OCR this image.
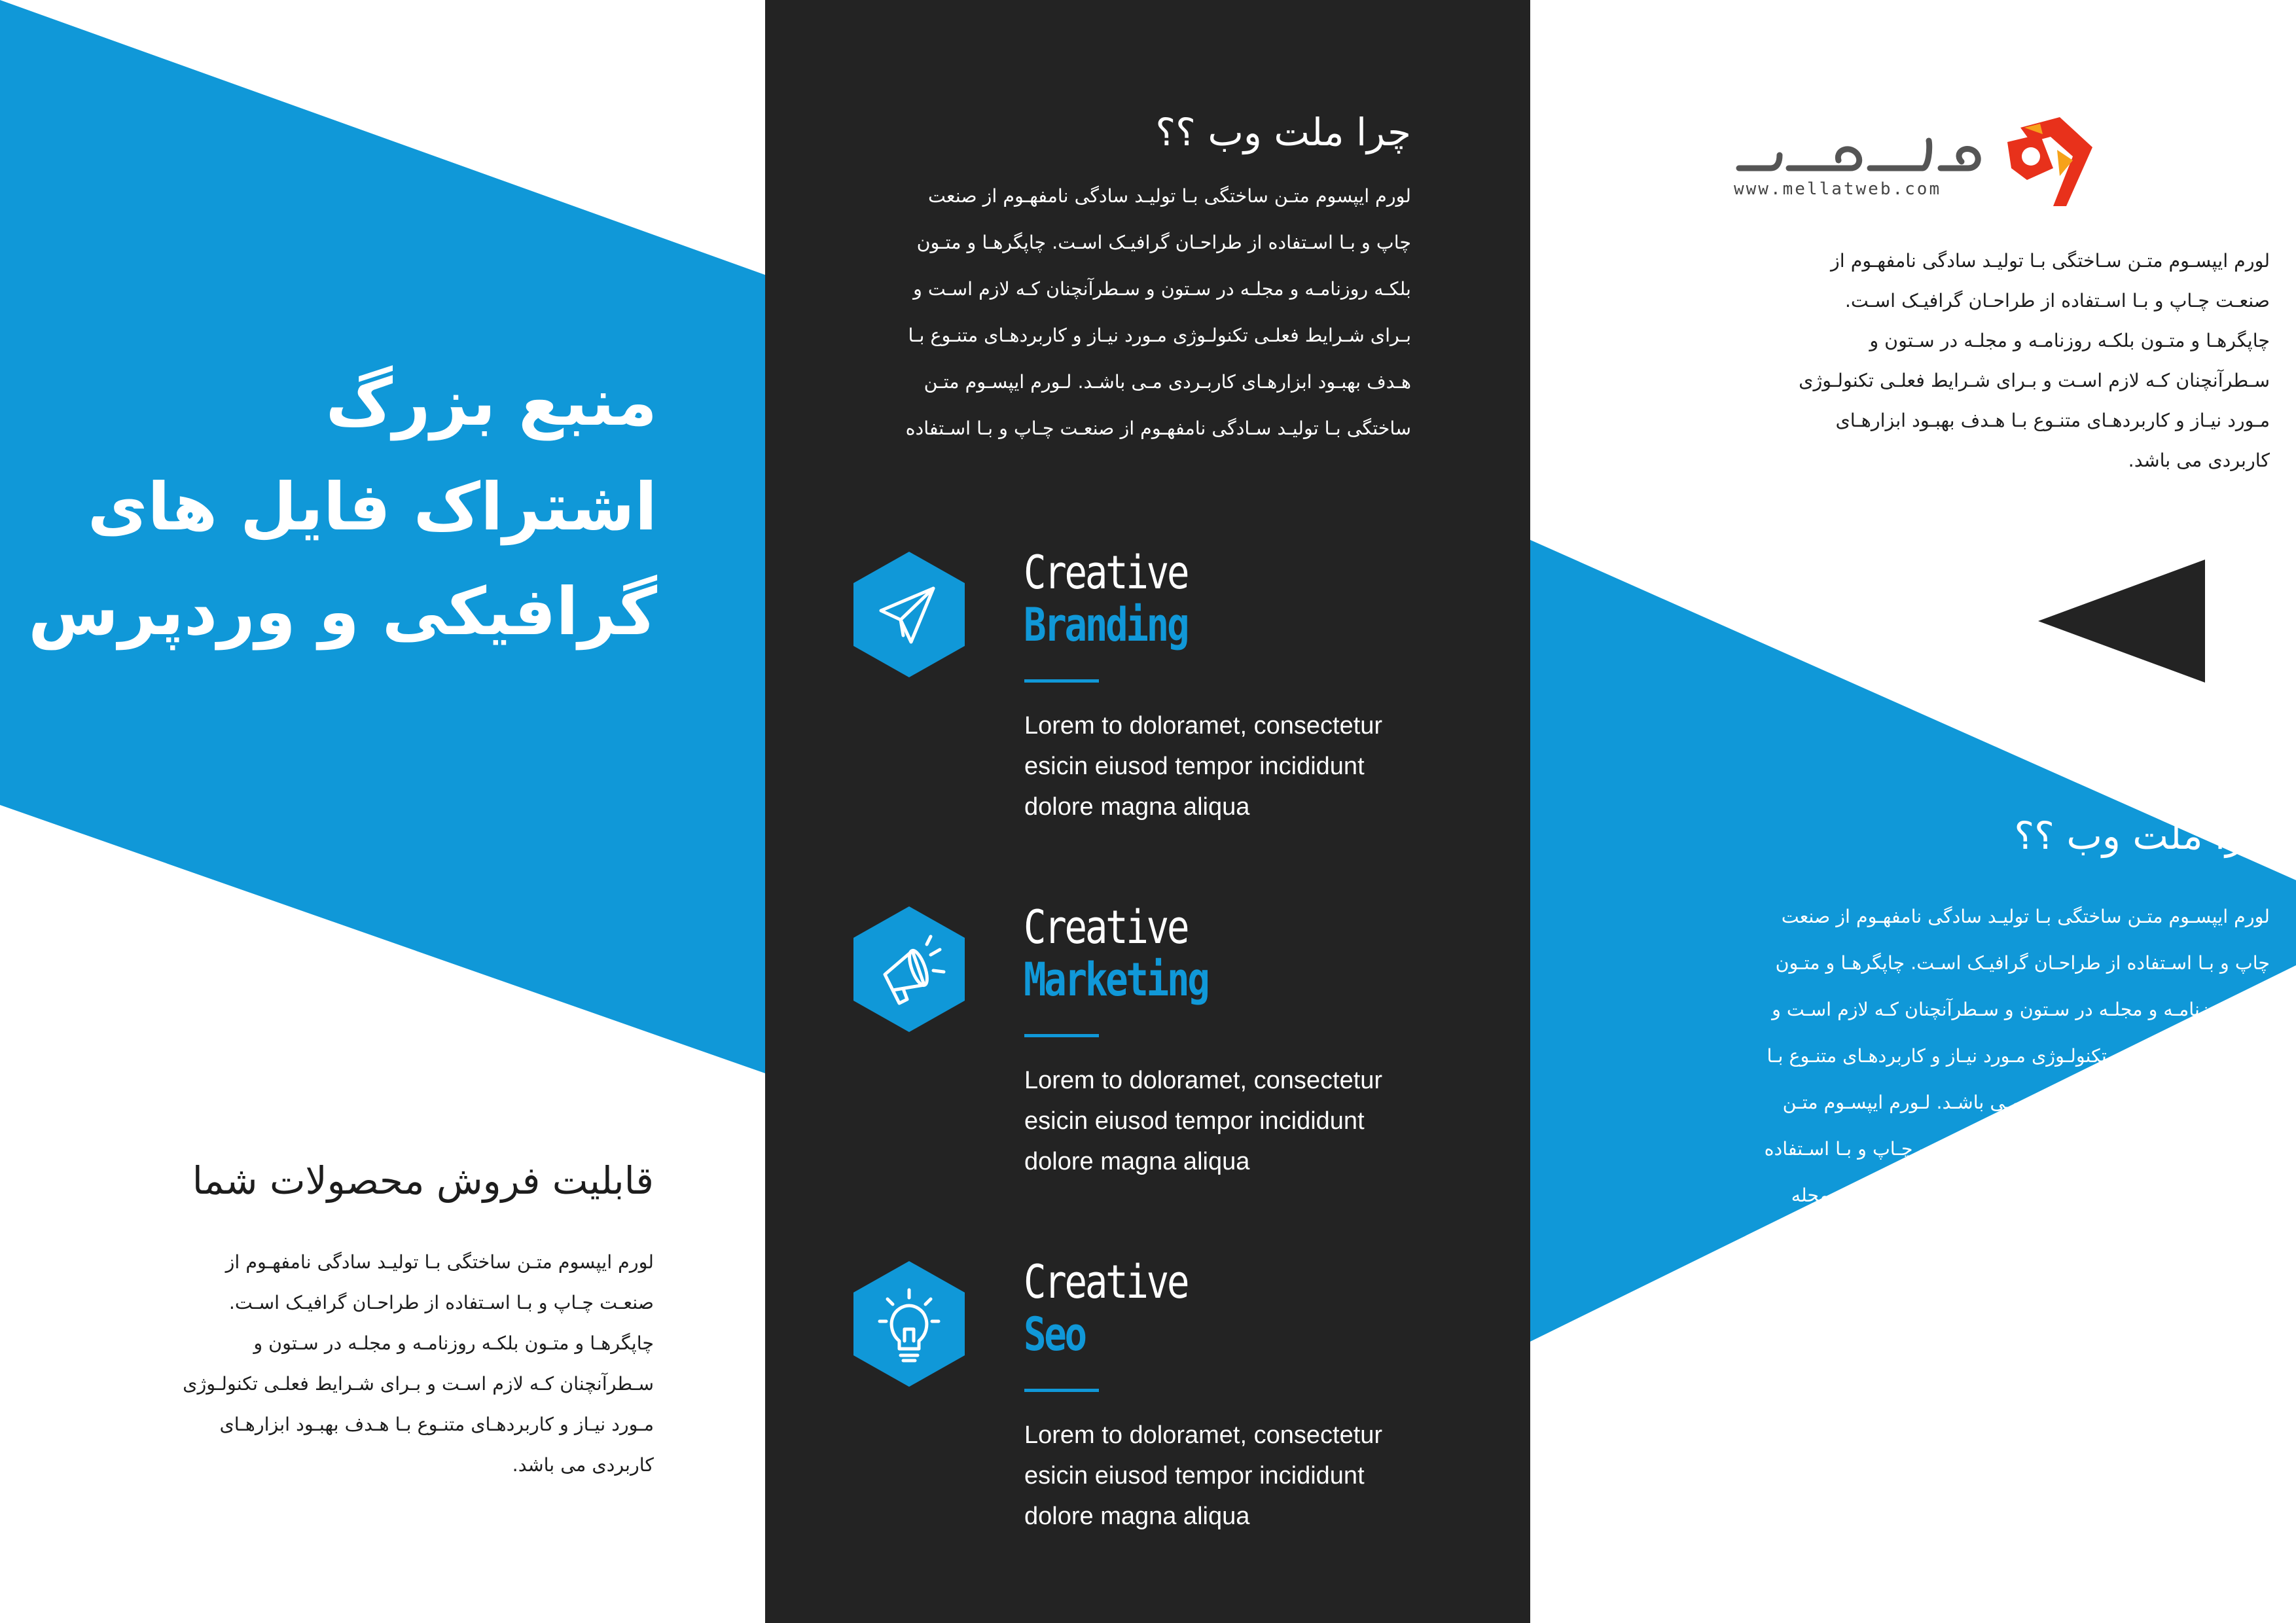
منبع بزرگ
اشتراک فایل های
گرافیکی و وردپرس
قابلیت فروش محصولات شما
لورم ایپسوم متـن ساختگی بـا تولیـد سادگی نامفهـوم از
صنعـت چـاپ و بـا اسـتفاده از طراحـان گرافیـک اسـت.
چاپگرهـا و متـون بلکـه روزنامـه و مجلـه در سـتون و
سـطرآنچنان کـه لازم اسـت و بـرای شـرایط فعلـی تکنولـوژی
مـورد نیـاز و کاربردهـای متنـوع بـا هـدف بهبـود ابزارهـای
کاربردی می باشد.
چرا ملت وب ؟؟
لورم ایپسوم متـن ساختگی بـا تولیـد سادگی نامفهـوم از صنعت
چاپ و بـا اسـتفاده از طراحـان گرافیـک اسـت. چاپگرهـا و متـون
بلکـه روزنامـه و مجلـه در سـتون و سـطرآنچنان کـه لازم اسـت و
بـرای شـرایط فعلـی تکنولـوژی مـورد نیـاز و کاربردهـای متنـوع بـا
هـدف بهبـود ابزارهـای کاربـردی مـی باشـد. لـورم ایپسـوم متـن
ساختگی بـا تولیـد سـادگی نامفهـوم از صنعـت چـاپ و بـا اسـتفاده
Creative
Branding
Lorem to doloramet, consectetur
esicin eiusod tempor incididunt
dolore magna aliqua
Creative
Marketing
Lorem to doloramet, consectetur
esicin eiusod tempor incididunt
dolore magna aliqua
Creative
Seo
Lorem to doloramet, consectetur
esicin eiusod tempor incididunt
dolore magna aliqua
www.mellatweb.com
لورم ایپسـوم متـن سـاختگی بـا تولیـد سادگی نامفهـوم از
صنعـت چـاپ و بـا اسـتفاده از طراحـان گرافیـک اسـت.
چاپگرهـا و متـون بلکـه روزنامـه و مجلـه در سـتون و
سـطرآنچنان کـه لازم اسـت و بـرای شـرایط فعلـی تکنولـوژی
مـورد نیـاز و کاربردهـای متنـوع بـا هـدف بهبـود ابزارهـای
کاربردی می باشد.
چرا ملت وب ؟؟
لورم ایپسـوم متـن ساختگی بـا تولیـد سادگی نامفهـوم از صنعت
چاپ و بـا اسـتفاده از طراحـان گرافیـک اسـت. چاپگرهـا و متـون
بلکـه روزنامـه و مجلـه در سـتون و سـطرآنچنان کـه لازم اسـت و
بـرای شـرایط فعلـی تکنولـوژی مـورد نیـاز و کاربردهـای متنـوع بـا
هـدف بهبـود ابزارهـای کاربـردی مـی باشـد. لـورم ایپسـوم متـن
ساختگی بـا تولیـد سـادگی نامفهـوم از صنعـت چـاپ و بـا اسـتفاده
از طراحان گرافیک است. چاپگرها و متون بلکه روزنامه و مجله
در سـتون و سـطرآنچنان کـه لازم اسـت و بـرای شـرایط فعلـی
تکنولـوژی مورد نیاز و کاربردهای متنوع با هدف بهبود ابزارهای
کاربردی می باشد.
